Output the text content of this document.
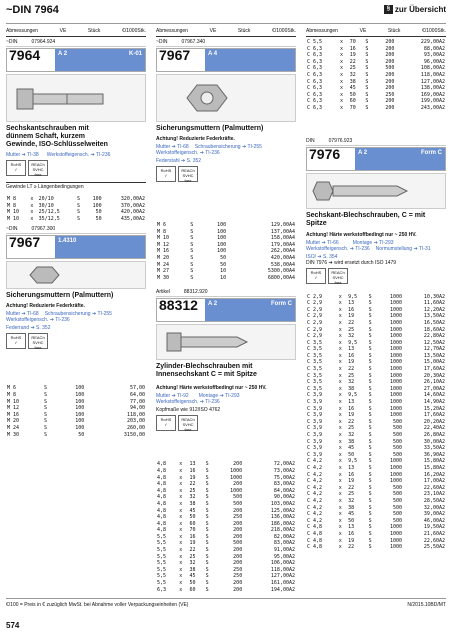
~DIN 7964	§ zur Übersicht
Abmessungen	VE	Stück	€/1000Stk.
~DIN	07964.924
7964	A 2	K-01
Sechskantschrauben mit dünnem Schaft, kurzem Gewinde, ISO-Schlüsselweiten
Mutter ➔ TI-38 Werkstoffeigensch. ➔ TI-236
RoHS ✓
REACh SVHC free
Gewinde LT ≥ Längenbedingungen
M 8	x	20/10	S	100	320,00A2
M 8	x	30/10	S	100	370,00A2
M 10	x	25/12,5	S	50	420,00A2
M 10	x	35/12,5	S	50	435,00A2
~DIN	07967.300
7967	1.4310
Sicherungsmuttern (Palmuttern)
Achtung! Reduzierte Federkräfte.
Mutter ➔ TI-68 Schraubensicherung ➔ TI-255
Werkstoffeigensch. ➔ TI-236
Federrand ➔ S. 352
RoHS ✓
REACh SVHC free
M 6	S	100	57,00
M 8	S	100	64,00
M 10	S	100	77,00
M 12	S	100	94,00
M 16	S	100	118,00
M 20	S	100	203,00
M 24	S	100	260,00
M 30	S	50	3150,00
Abmessungen	VE	Stück	€/1000Stk.
~DIN	07967.340
7967	A 4
Sicherungsmuttern (Palmuttern)
Achtung! Reduzierte Federkräfte.
Mutter ➔ TI-68 Schraubensicherung ➔ TI-255
Werkstoffeigensch. ➔ TI-236
Federstahl ➔ S. 352
RoHS ✓
REACh SVHC free
M 6	S	100	129,00A4
M 8	S	100	137,00A4
M 10	S	100	158,00A4
M 12	S	100	179,00A4
M 16	S	100	262,00A4
M 20	S	50	420,00A4
M 24	S	50	538,00A4
M 27	S	10	5300,00A4
M 30	S	10	6800,00A4
Artikel	88312.920
88312	A 2	Form C
Zylinder-Blechschrauben mit Innensechskant C = mit Spitze
Achtung! Härte werkstoffbedingt nur ~ 250 HV.
Mutter ➔ TI-92 Montage ➔ TI-293
Werkstoffeigensch. ➔ TI-236
Kopfmaße wie 912/ISO 4762
RoHS ✓
REACh SVHC free
4,8	x	13	S	200	72,00A2
4,8	x	16	S	1000	73,00A2
4,8	x	19	S	1000	75,00A2
4,8	x	22	S	200	83,00A2
4,8	x	25	S	1000	84,00A2
4,8	x	32	S	500	90,00A2
4,8	x	38	S	500	103,00A2
4,8	x	45	S	200	125,00A2
4,8	x	50	S	250	136,00A2
4,8	x	60	S	200	186,00A2
4,8	x	70	S	200	218,00A2
5,5	x	16	S	200	82,00A2
5,5	x	19	S	500	83,00A2
5,5	x	22	S	200	91,00A2
5,5	x	25	S	200	95,00A2
5,5	x	32	S	200	106,00A2
5,5	x	38	S	250	118,00A2
5,5	x	45	S	250	127,00A2
5,5	x	50	S	200	161,00A2
6,3	x	60	S	200	194,00A2
Abmessungen	VE	Stück	€/1000Stk.
C 5,5	x	70	S	200	229,00A2
C 6,3	x	16	S	200	88,00A2
C 6,3	x	19	S	200	93,00A2
C 6,3	x	22	S	200	96,00A2
C 6,3	x	25	S	500	108,00A2
C 6,3	x	32	S	200	118,00A2
C 6,3	x	38	S	200	127,00A2
C 6,3	x	45	S	200	138,00A2
C 6,3	x	50	S	250	169,00A2
C 6,3	x	60	S	200	199,00A2
C 6,3	x	70	S	200	243,00A2
DIN	07976.923
7976	A 2	Form C
Sechskant-Blechschrauben, C = mit Spitze
Achtung! Härte werkstoffbedingt nur ~ 250 HV.
Mutter ➔ TI-66	Montage ➔ TI-293
Werkstoffeigensch. ➔ TI-236 Normumstellung ➔ TI-31
ISO/ ➔ S. 354
DIN 7976 ➔ wird ersetzt durch ISO 1479
RoHS ✓
REACh SVHC free
C 2,9	x	9,5	S	1000	10,30A2
C 2,9	x	13	S	1000	11,60A2
C 2,9	x	16	S	1000	12,20A2
C 2,9	x	19	S	1000	13,50A2
C 2,9	x	22	S	1000	16,50A2
C 2,9	x	25	S	1000	18,60A2
C 2,9	x	32	S	1000	22,80A2
C 3,5	x	9,5	S	1000	12,50A2
C 3,5	x	13	S	1000	12,70A2
C 3,5	x	16	S	1000	13,50A2
C 3,5	x	19	S	1000	15,00A2
C 3,5	x	22	S	1000	17,60A2
C 3,5	x	25	S	1000	20,30A2
C 3,5	x	32	S	1000	26,10A2
C 3,5	x	38	S	1000	27,00A2
C 3,9	x	9,5	S	1000	14,60A2
C 3,9	x	13	S	1000	14,90A2
C 3,9	x	16	S	1000	15,20A2
C 3,9	x	19	S	1000	17,60A2
C 3,9	x	22	S	500	20,20A2
C 3,9	x	25	S	500	22,40A2
C 3,9	x	32	S	500	26,80A2
C 3,9	x	38	S	500	30,00A2
C 3,9	x	45	S	500	33,50A2
C 3,9	x	50	S	500	36,90A2
C 4,2	x	9,5	S	1000	15,80A2
C 4,2	x	13	S	1000	15,80A2
C 4,2	x	16	S	1000	16,20A2
C 4,2	x	19	S	1000	17,00A2
C 4,2	x	22	S	500	22,60A2
C 4,2	x	25	S	500	23,10A2
C 4,2	x	32	S	500	28,50A2
C 4,2	x	38	S	500	32,00A2
C 4,2	x	45	S	500	39,00A2
C 4,2	x	50	S	500	46,00A2
C 4,8	x	13	S	1000	19,50A2
C 4,8	x	16	S	1000	21,60A2
C 4,8	x	19	S	1000	22,60A2
C 4,8	x	22	S	1000	25,50A2
€/100 = Preis in € zuzüglich MwSt. bei Abnahme voller Verpackungseinheiten (VE)	N/2015.10BD/MT
574
